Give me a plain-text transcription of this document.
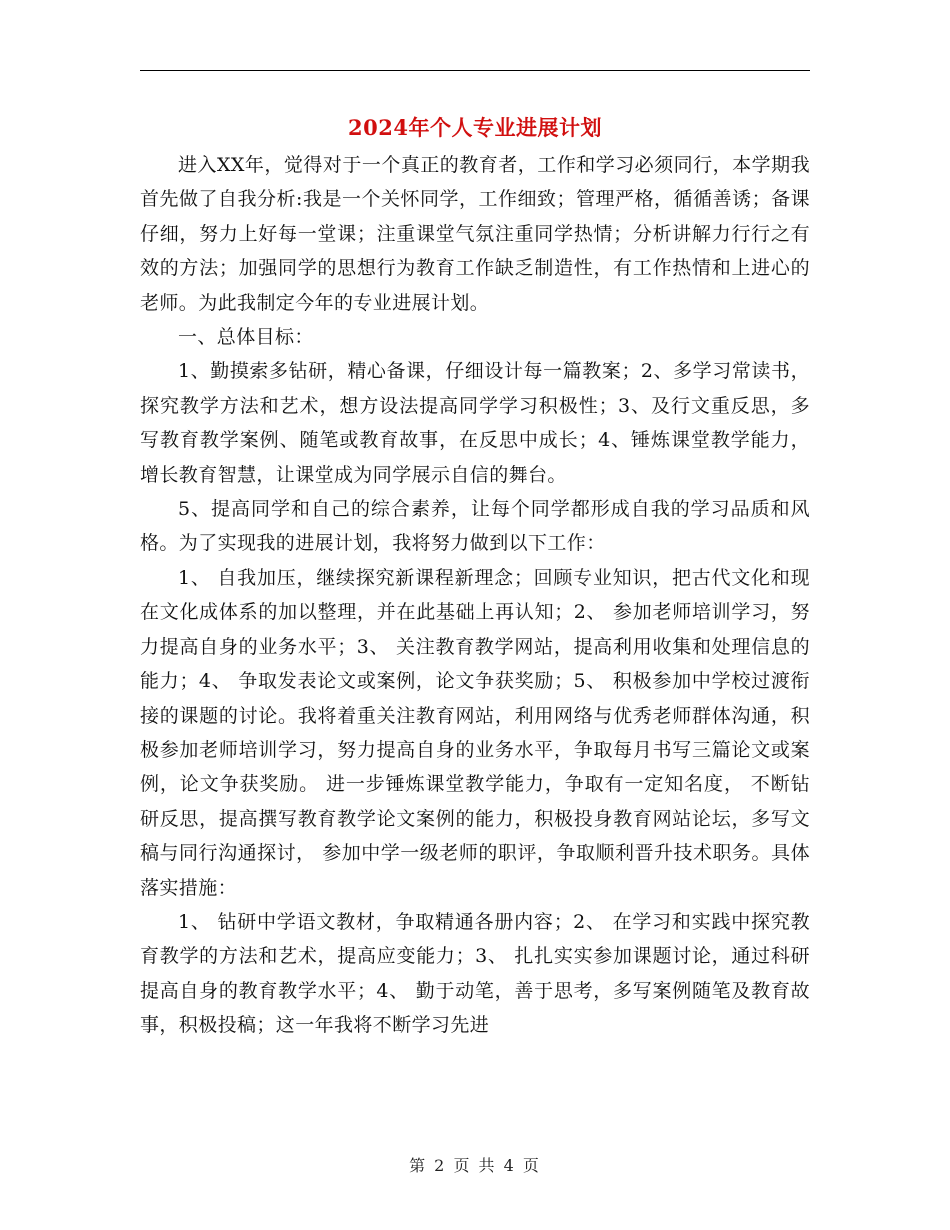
2024年个人专业进展计划

进入XX年，觉得对于一个真正的教育者，工作和学习必须同行，本学期我首先做了自我分析:我是一个关怀同学，工作细致；管理严格，循循善诱；备课仔细，努力上好每一堂课；注重课堂气氛注重同学热情；分析讲解力行行之有效的方法；加强同学的思想行为教育工作缺乏制造性，有工作热情和上进心的老师。为此我制定今年的专业进展计划。

一、总体目标：

1、勤摸索多钻研，精心备课，仔细设计每一篇教案；2、多学习常读书，探究教学方法和艺术，想方设法提高同学学习积极性；3、及行文重反思，多写教育教学案例、随笔或教育故事，在反思中成长；4、锤炼课堂教学能力，增长教育智慧，让课堂成为同学展示自信的舞台。

5、提高同学和自己的综合素养，让每个同学都形成自我的学习品质和风格。为了实现我的进展计划，我将努力做到以下工作：

1、 自我加压，继续探究新课程新理念；回顾专业知识，把古代文化和现在文化成体系的加以整理，并在此基础上再认知；2、 参加老师培训学习，努力提高自身的业务水平；3、 关注教育教学网站，提高利用收集和处理信息的能力；4、 争取发表论文或案例，论文争获奖励；5、 积极参加中学校过渡衔接的课题的讨论。我将着重关注教育网站，利用网络与优秀老师群体沟通，积极参加老师培训学习，努力提高自身的业务水平，争取每月书写三篇论文或案例，论文争获奖励。 进一步锤炼课堂教学能力，争取有一定知名度， 不断钻研反思，提高撰写教育教学论文案例的能力，积极投身教育网站论坛，多写文稿与同行沟通探讨， 参加中学一级老师的职评，争取顺利晋升技术职务。具体落实措施：

1、 钻研中学语文教材，争取精通各册内容；2、 在学习和实践中探究教育教学的方法和艺术，提高应变能力；3、 扎扎实实参加课题讨论，通过科研提高自身的教育教学水平；4、 勤于动笔，善于思考，多写案例随笔及教育故事，积极投稿；这一年我将不断学习先进

第 2 页 共 4 页
